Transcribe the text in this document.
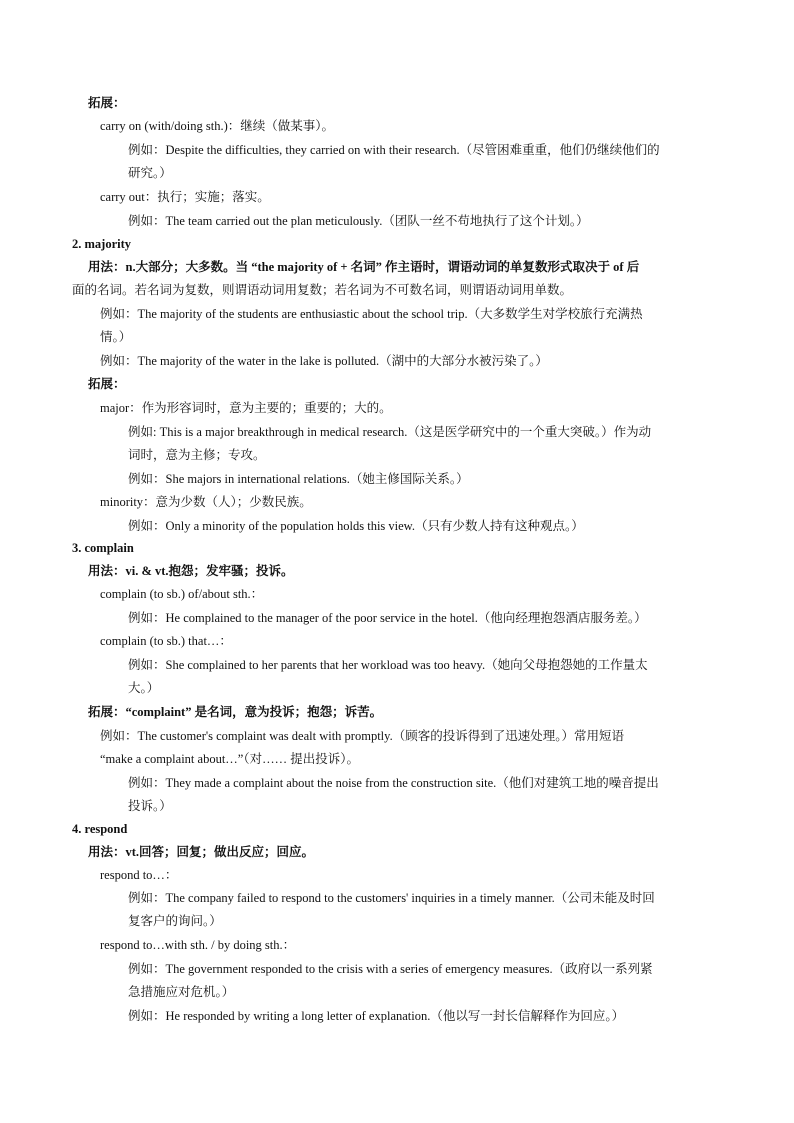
拓展：
carry on (with/doing sth.)：继续（做某事）。
例如：Despite the difficulties, they carried on with their research.（尽管困难重重，他们仍继续他们的
研究。）
carry out：执行；实施；落实。
例如：The team carried out the plan meticulously.（团队一丝不苟地执行了这个计划。）
2. majority
用法：n.大部分；大多数。当 “the majority of + 名词” 作主语时，谓语动词的单复数形式取决于 of 后
面的名词。若名词为复数，则谓语动词用复数；若名词为不可数名词，则谓语动词用单数。
例如：The majority of the students are enthusiastic about the school trip.（大多数学生对学校旅行充满热
情。）
例如：The majority of the water in the lake is polluted.（湖中的大部分水被污染了。）
拓展：
major：作为形容词时，意为主要的；重要的；大的。
例如: This is a major breakthrough in medical research.（这是医学研究中的一个重大突破。）作为动
词时，意为主修；专攻。
例如：She majors in international relations.（她主修国际关系。）
minority：意为少数（人）；少数民族。
例如：Only a minority of the population holds this view.（只有少数人持有这种观点。）
3. complain
用法：vi. & vt.抱怨；发牢骚；投诉。
complain (to sb.) of/about sth.：
例如：He complained to the manager of the poor service in the hotel.（他向经理抱怨酒店服务差。）
complain (to sb.) that…：
例如：She complained to her parents that her workload was too heavy.（她向父母抱怨她的工作量太
大。）
拓展：“complaint” 是名词，意为投诉；抱怨；诉苦。
例如：The customer's complaint was dealt with promptly.（顾客的投诉得到了迅速处理。）常用短语
“make a complaint about…”（对…… 提出投诉）。
例如：They made a complaint about the noise from the construction site.（他们对建筑工地的噪音提出
投诉。）
4. respond
用法：vt.回答；回复；做出反应；回应。
respond to…：
例如：The company failed to respond to the customers' inquiries in a timely manner.（公司未能及时回
复客户的询问。）
respond to…with sth. / by doing sth.：
例如：The government responded to the crisis with a series of emergency measures.（政府以一系列紧
急措施应对危机。）
例如：He responded by writing a long letter of explanation.（他以写一封长信解释作为回应。）
